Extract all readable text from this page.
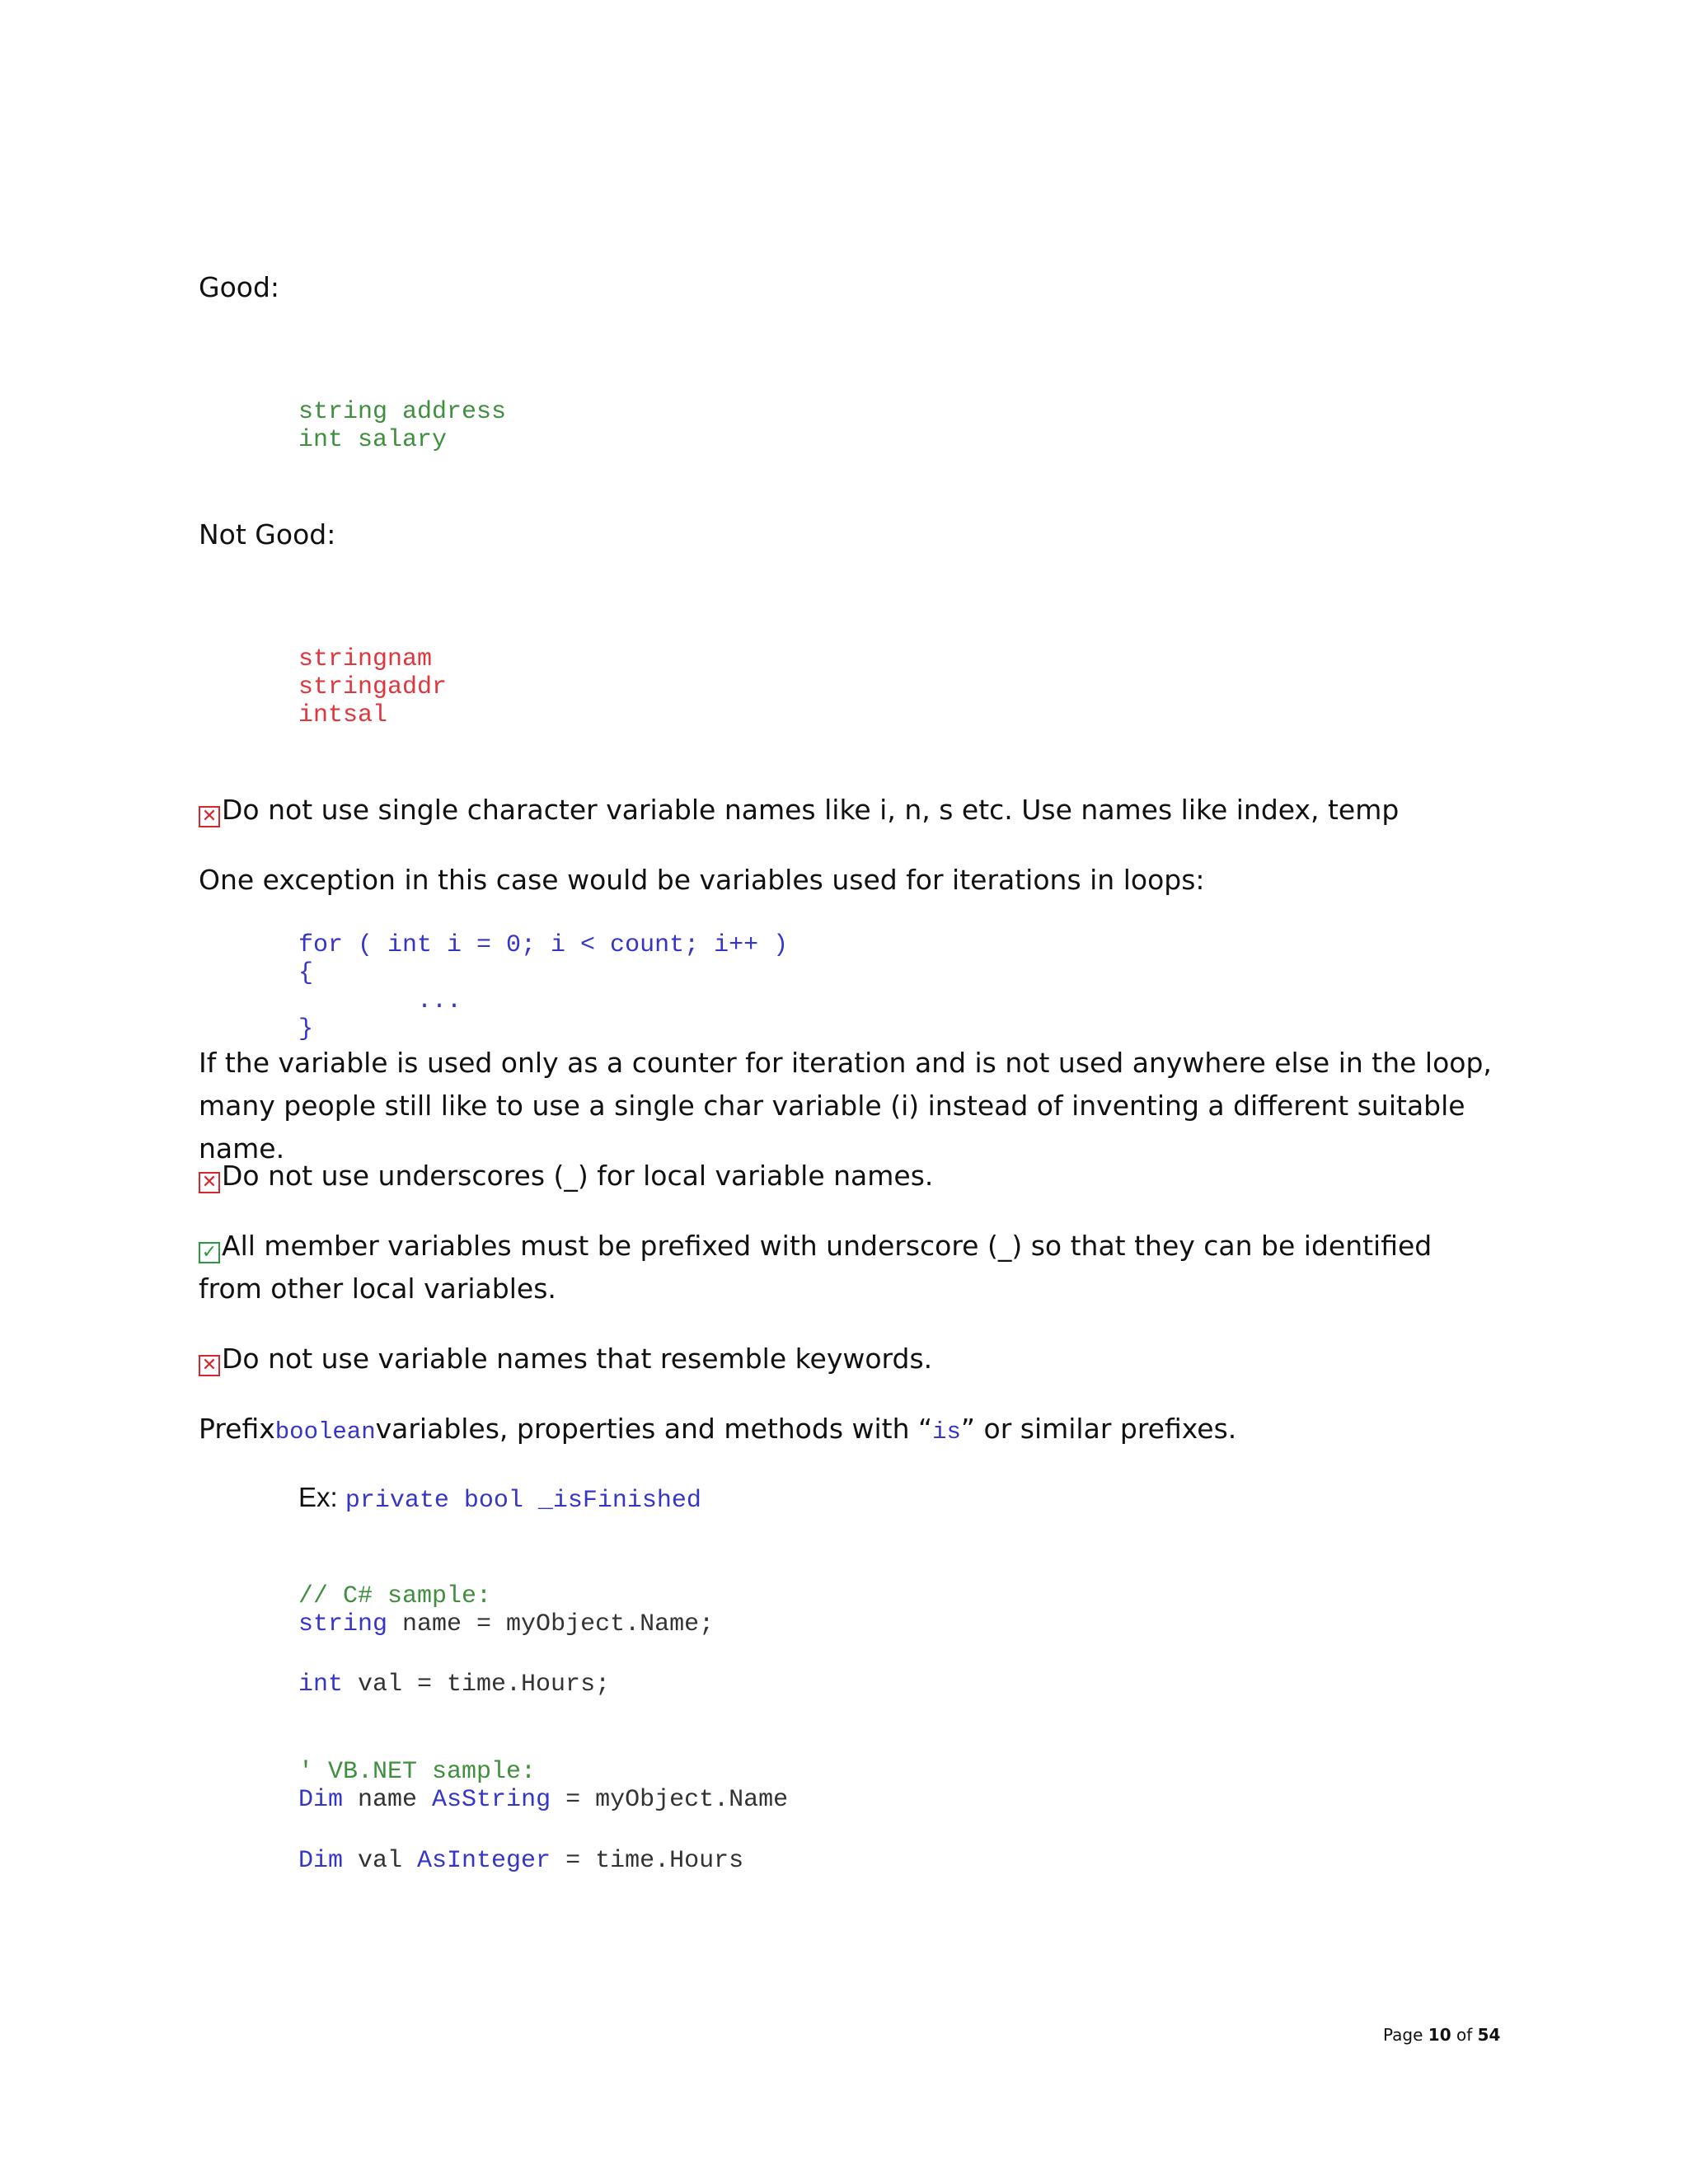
Good:
string address
int salary
Not Good:
stringnam
stringaddr
intsal
✕ Do not use single character variable names like i, n, s etc. Use names like index, temp
One exception in this case would be variables used for iterations in loops:
for ( int i = 0; i < count; i++ )
{
...
}
If the variable is used only as a counter for iteration and is not used anywhere else in the loop, many people still like to use a single char variable (i) instead of inventing a different suitable name.
✕ Do not use underscores (_) for local variable names.
✓ All member variables must be prefixed with underscore (_) so that they can be identified from other local variables.
✕ Do not use variable names that resemble keywords.
Prefixbooleanvariables, properties and methods with “is” or similar prefixes.
Ex: private bool _isFinished
// C# sample:
string name = myObject.Name;
int val = time.Hours;
' VB.NET sample:
Dim name AsString = myObject.Name
Dim val AsInteger = time.Hours
Page 10 of 54
